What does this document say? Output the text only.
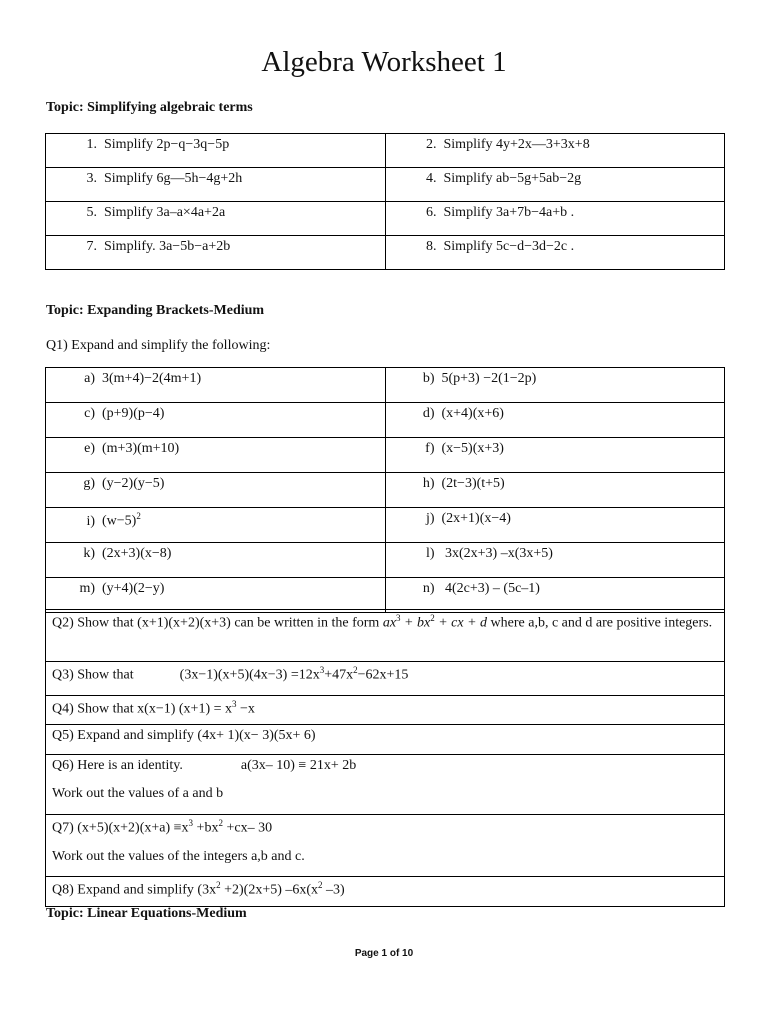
Algebra Worksheet 1
Topic: Simplifying algebraic terms
1. Simplify 2p−q−3q−5p	2. Simplify 4y+2x—3+3x+8

3. Simplify 6g—5h−4g+2h	4. Simplify ab−5g+5ab−2g

5. Simplify 3a–a×4a+2a	6. Simplify 3a+7b−4a+b .

7. Simplify. 3a−5b−a+2b	8. Simplify 5c−d−3d−2c .
Topic: Expanding Brackets-Medium
Q1) Expand and simplify the following:
a) 3(m+4)−2(4m+1)	b) 5(p+3) −2(1−2p)

c) (p+9)(p−4)	d) (x+4)(x+6)

e) (m+3)(m+10)	f) (x−5)(x+3)

g) (y−2)(y−5)	h) (2t−3)(t+5)

i) $(w-5)^2$	j) (2x+1)(x−4)

k) (2x+3)(x−8)	l) 3x(2x+3) –x(3x+5)

m) (y+4)(2−y)	n) 4(2c+3) – (5c–1)
Q2) Show that (x+1)(x+2)(x+3) can be written in the form $ax^3 + bx^2$ + cx + d where a,b, c and d are positive integers.
Q3) Show that	$(3x-1)(x+5)(4x-3) =12x^3+47x^2-62x+15$
Q4) Show that x(x−1) $(x+1) = x^3 -x$
Q5) Expand and simplify (4x+ 1)(x− 3)(5x+ 6)
Q6) Here is an identity.	a(3x– 10) ≡ 21x+ 2b
Work out the values of a and b

Q7) $(x+5)(x+2)(x+a) \equiv x^3 +bx^2 +cx-$ 30
Work out the values of the integers a,b and c.

Q8) Expand and simplify $(3x^2 +2)(2x+5)$ $-6x(x^2$ –3)
Topic: Linear Equations-Medium
Page 1 of 10
